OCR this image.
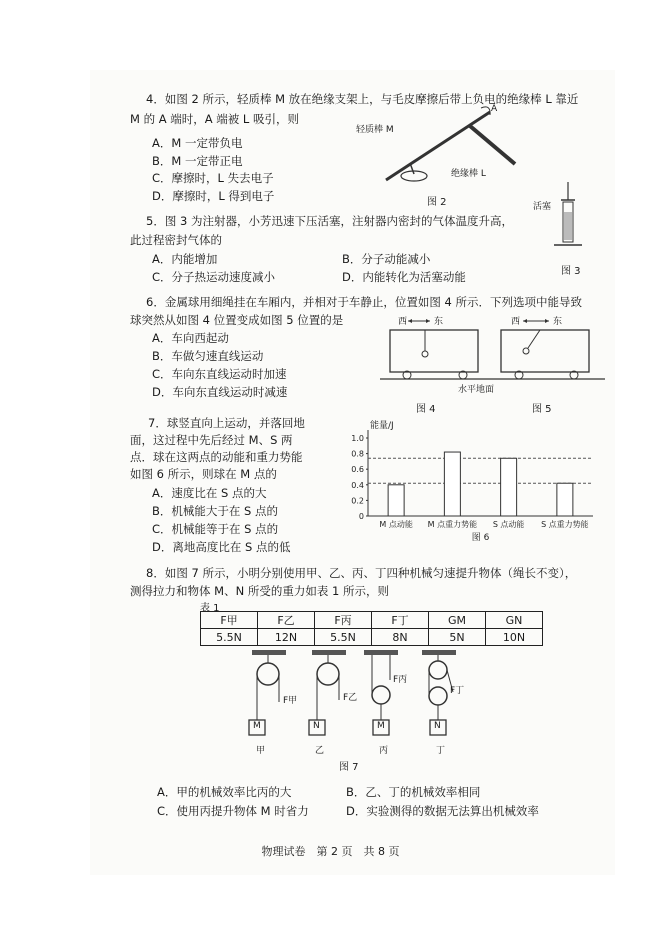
4．如图 2 所示，轻质棒 M 放在绝缘支架上，与毛皮摩擦后带上负电的绝缘棒 L 靠近
M 的 A 端时，A 端被 L 吸引，则
A．M 一定带负电
B．M 一定带正电
C．摩擦时，L 失去电子
D．摩擦时，L 得到电子
轻质棒 M
A
绝缘棒 L
图 2
5．图 3 为注射器，小芳迅速下压活塞，注射器内密封的气体温度升高，
此过程密封气体的
A．内能增加	B．分子动能减小
C．分子热运动速度减小	D．内能转化为活塞动能
活塞
图 3
6．金属球用细绳挂在车厢内，并相对于车静止，位置如图 4 所示．下列选项中能导致
球突然从如图 4 位置变成如图 5 位置的是
A．车向西起动
B．车做匀速直线运动
C．车向东直线运动时加速
D．车向东直线运动时减速
西	东	西	东
水平地面
图 4	图 5
7．球竖直向上运动，并落回地
面，这过程中先后经过 M、S 两
点．球在这两点的动能和重力势能
如图 6 所示，则球在 M 点的
A．速度比在 S 点的大
B．机械能大于在 S 点的
C．机械能等于在 S 点的
D．离地高度比在 S 点的低
能量/J
0
0.2
0.4
0.6
0.8
1.0
M 点动能 M 点重力势能 S 点动能 S 点重力势能
图 6
8．如图 7 所示，小明分别使用甲、乙、丙、丁四种机械匀速提升物体（绳长不变），
测得拉力和物体 M、N 所受的重力如表 1 所示，则
表 1
F甲	F乙	F丙	F丁	GM	GN
5.5N	12N	5.5N	8N	5N	10N
M	N	M	N
F甲	F乙
F丙
F丁
甲	乙	丙	丁
图 7
A．甲的机械效率比丙的大	B．乙、丁的机械效率相同
C．使用丙提升物体 M 时省力	D．实验测得的数据无法算出机械效率
物理试卷　第 2 页　共 8 页
